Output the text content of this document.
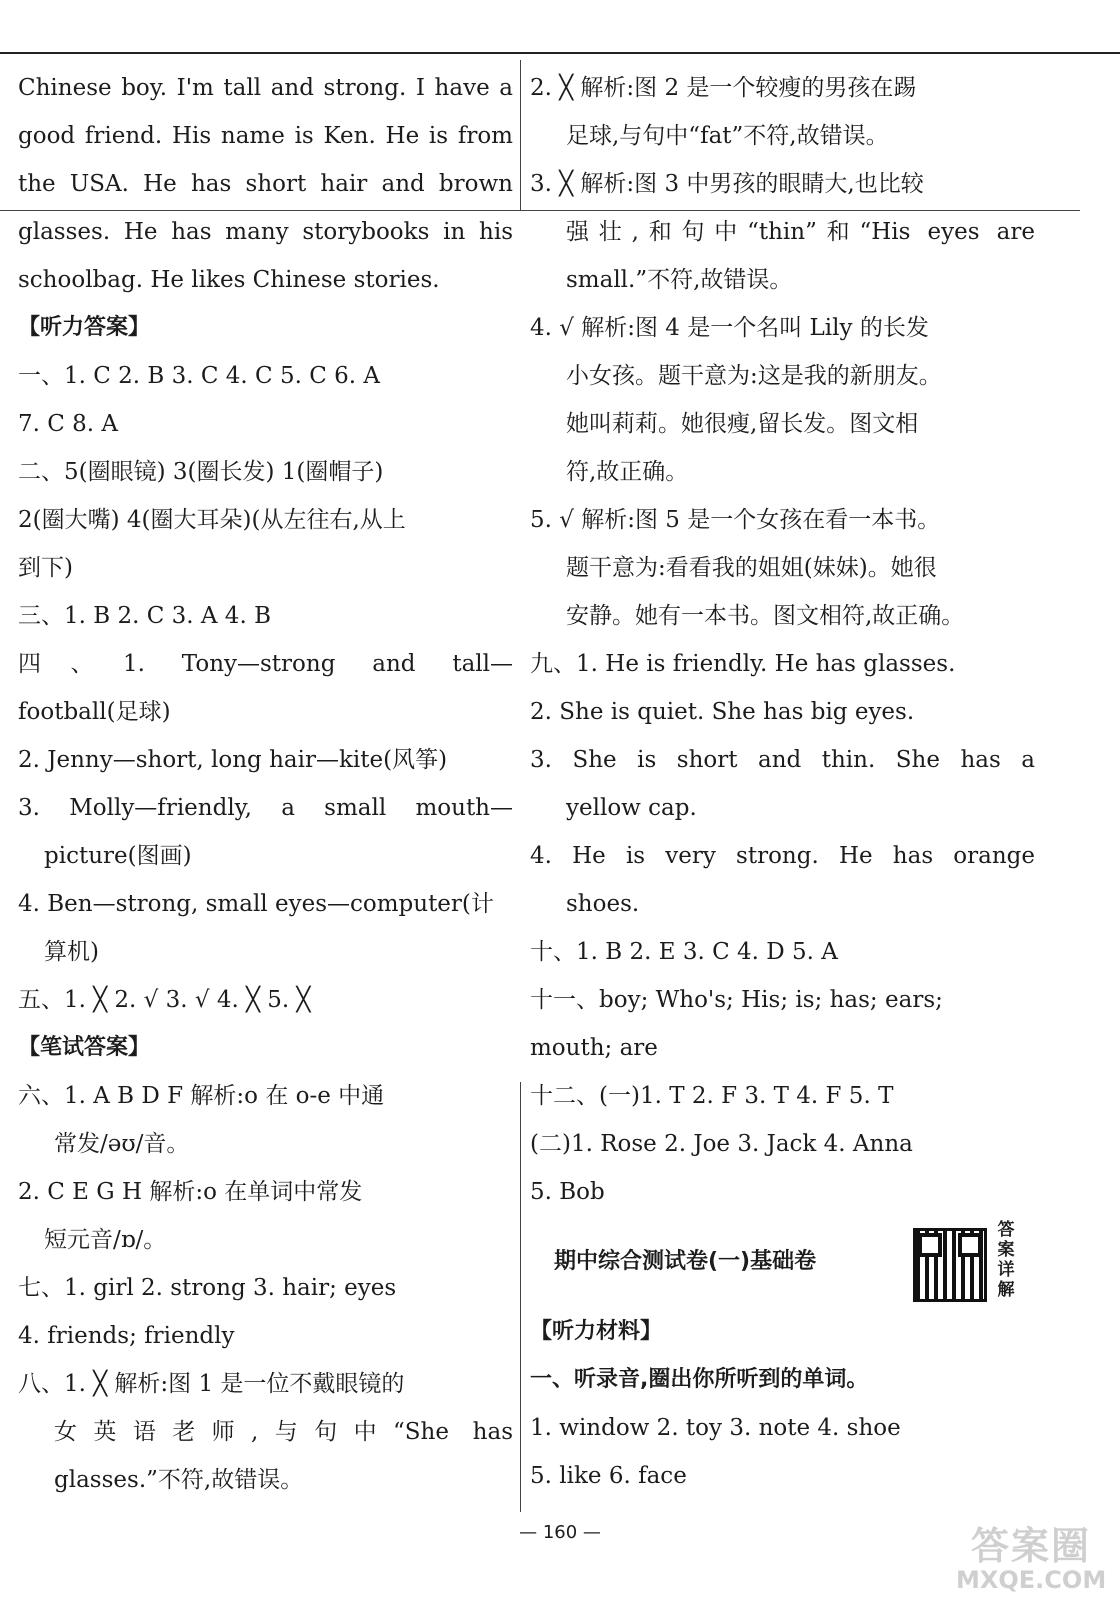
Chinese boy. I'm tall and strong. I have a
good friend. His name is Ken. He is from
the USA. He has short hair and brown
glasses. He has many storybooks in his
schoolbag. He likes Chinese stories.
【听力答案】
一、1. C 2. B 3. C 4. C 5. C 6. A
7. C 8. A
二、5(圈眼镜) 3(圈长发) 1(圈帽子)
2(圈大嘴) 4(圈大耳朵)(从左往右,从上
到下)
三、1. B 2. C 3. A 4. B
四、1. Tony—strong and tall—
football(足球)
2. Jenny—short, long hair—kite(风筝)
3. Molly—friendly, a small mouth—
picture(图画)
4. Ben—strong, small eyes—computer(计
算机)
五、1. ╳ 2. √ 3. √ 4. ╳ 5. ╳
【笔试答案】
六、1. A B D F 解析:o 在 o-e 中通
常发/əʊ/音。
2. C E G H 解析:o 在单词中常发
短元音/ɒ/。
七、1. girl 2. strong 3. hair; eyes
4. friends; friendly
八、1. ╳ 解析:图 1 是一位不戴眼镜的
女英语老师,与句中“She has
glasses.”不符,故错误。
2. ╳ 解析:图 2 是一个较瘦的男孩在踢
足球,与句中“fat”不符,故错误。
3. ╳ 解析:图 3 中男孩的眼睛大,也比较
强壮,和句中“thin”和“His eyes are
small.”不符,故错误。
4. √ 解析:图 4 是一个名叫 Lily 的长发
小女孩。题干意为:这是我的新朋友。
她叫莉莉。她很瘦,留长发。图文相
符,故正确。
5. √ 解析:图 5 是一个女孩在看一本书。
题干意为:看看我的姐姐(妹妹)。她很
安静。她有一本书。图文相符,故正确。
九、1. He is friendly. He has glasses.
2. She is quiet. She has big eyes.
3. She is short and thin. She has a
yellow cap.
4. He is very strong. He has orange
shoes.
十、1. B 2. E 3. C 4. D 5. A
十一、boy; Who's; His; is; has; ears;
mouth; are
十二、(一)1. T 2. F 3. T 4. F 5. T
(二)1. Rose 2. Joe 3. Jack 4. Anna
5. Bob
期中综合测试卷(一)基础卷
答案详解
【听力材料】
一、听录音,圈出你所听到的单词。
1. window 2. toy 3. note 4. shoe
5. like 6. face
— 160 —	答案圈
MXQE.COM
